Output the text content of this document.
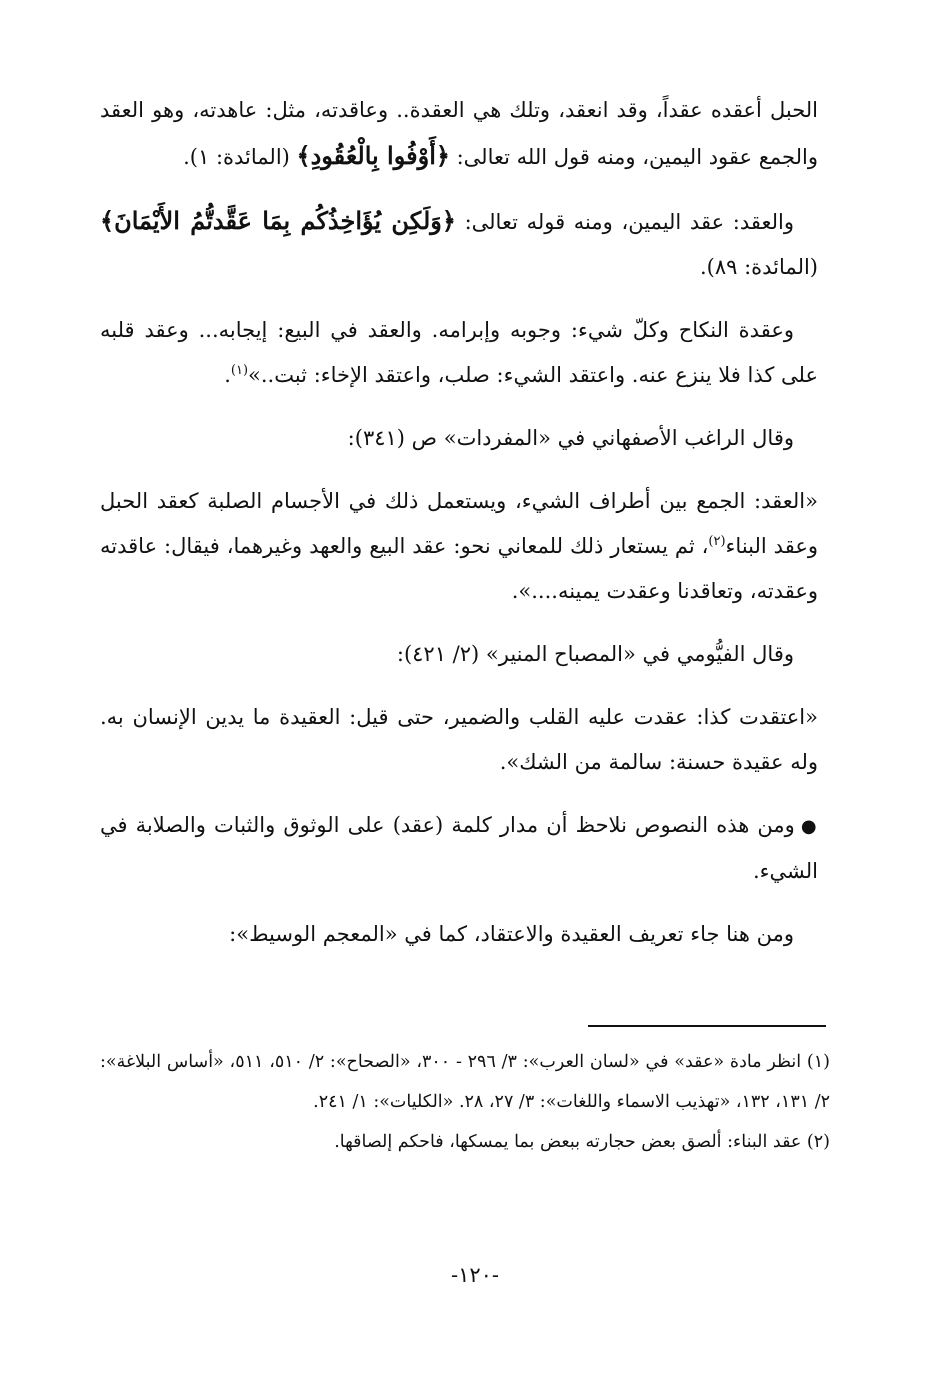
الحبل أعقده عقداً، وقد انعقد، وتلك هي العقدة.. وعاقدته، مثل: عاهدته، وهو العقد والجمع عقود اليمين، ومنه قول الله تعالى: ﴿أَوْفُوا بِالْعُقُودِ﴾ (المائدة: ١).

والعقد: عقد اليمين، ومنه قوله تعالى: ﴿وَلَكِن يُؤَاخِذُكُم بِمَا عَقَّدتُّمُ الأَيْمَانَ﴾ (المائدة: ٨٩).

وعقدة النكاح وكلّ شيء: وجوبه وإبرامه. والعقد في البيع: إيجابه... وعقد قلبه على كذا فلا ينزع عنه. واعتقد الشيء: صلب، واعتقد الإخاء: ثبت..»$^{(١)}$.

وقال الراغب الأصفهاني في «المفردات» ص (٣٤١):

«العقد: الجمع بين أطراف الشيء، ويستعمل ذلك في الأجسام الصلبة كعقد الحبل وعقد البناء$^{(٢)}$، ثم يستعار ذلك للمعاني نحو: عقد البيع والعهد وغيرهما، فيقال: عاقدته وعقدته، وتعاقدنا وعقدت يمينه....».

وقال الفيُّومي في «المصباح المنير» (٢/ ٤٢١):

«اعتقدت كذا: عقدت عليه القلب والضمير، حتى قيل: العقيدة ما يدين الإنسان به. وله عقيدة حسنة: سالمة من الشك».

●ومن هذه النصوص نلاحظ أن مدار كلمة (عقد) على الوثوق والثبات والصلابة في الشيء.

ومن هنا جاء تعريف العقيدة والاعتقاد، كما في «المعجم الوسيط»:

(١) انظر مادة «عقد» في «لسان العرب»: ٣/ ٢٩٦ - ٣٠٠، «الصحاح»: ٢/ ٥١٠، ٥١١، «أساس البلاغة»: ٢/ ١٣١، ١٣٢، «تهذيب الاسماء واللغات»: ٣/ ٢٧، ٢٨. «الكليات»: ١/ ٢٤١.

(٢) عقد البناء: ألصق بعض حجارته ببعض بما يمسكها، فاحكم إلصاقها.

-١٢٠-
